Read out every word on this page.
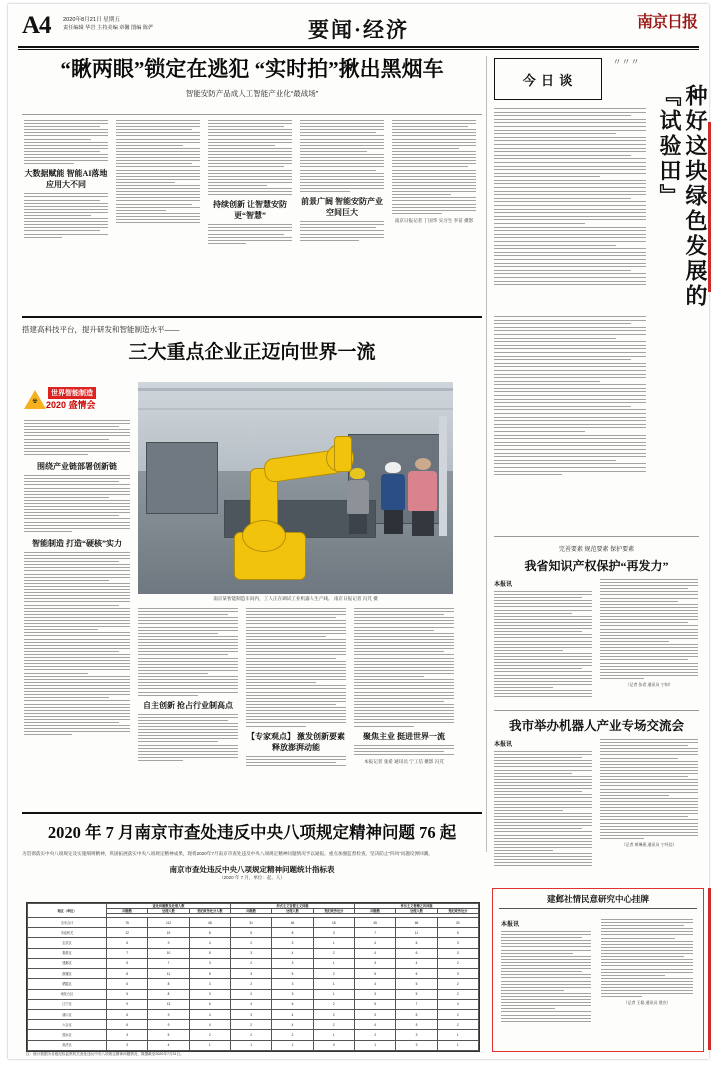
A4 2020年8月21日 星期五
责任编辑 华岩 主持美编 章馨 图编 陈俨	要闻·经济	南京日报
“瞅两眼”锁定在逃犯 “实时拍”揪出黑烟车
智能安防产品成人工智能产业化“最战场”
大数据赋能 智能AI落地应用大不同
持续创新 让智慧安防更“智慧”
前景广阔 智能安防产业空间巨大
南京日报记者 丁国华 实习生 李苗 摄影
搭建高科技平台，提升研发和智能制造水平——
三大重点企业正迈向世界一流
☢
世界智能制造
2020 盛情会
围绕产业链部署创新链
智能制造 打造“硬核”实力
南京某智能制造车间内，工人正在调试工业机器人生产线。 南京日报记者 冯芃 摄
自主创新 抢占行业制高点
【专家观点】 激发创新要素 释放澎湃动能
聚焦主业 挺进世界一流
本报记者 张希 通讯员 宁工信 摄影 冯芃
2020 年 7 月南京市查处违反中央八项规定精神问题 76 起
为贯彻落实中央八项规定及实施细则精神，巩固拓展落实中央八项规定精神成果，现将2020年7月南京市查处违反中央八项规定精神问题情况予以通报。重点加强监督检查，坚决防止“四风”问题反弹回潮。
南京市查处违反中央八项规定精神问题统计指标表
（2020 年 7 月，单位：起、人）
地区（单位）	查处问题数及处理人数			形式主义官僚主义问题			享乐主义奢靡之风问题		
	问题数	处理人数	党纪政务处分人数	问题数	处理人数	党纪政务处分	问题数	处理人数	党纪政务处分

全市合计	76	112	48	31	46	18	45	66	30
市直机关	12	19	8	5	8	3	7	11	5
玄武区	6	9	4	2	3	1	4	6	3
秦淮区	7	10	5	3	4	2	4	6	3
建邺区	5	7	3	2	3	1	3	4	2
鼓楼区	8	11	5	3	5	2	5	6	3
栖霞区	6	8	3	2	3	1	4	5	2
雨花台区	5	8	3	2	3	1	3	5	2
江宁区	9	13	6	4	6	2	5	7	4
浦口区	6	9	4	3	4	2	3	5	2
六合区	6	9	4	2	4	2	4	5	2
溧水区	3	5	2	2	2	1	2	3	1
高淳区	3	4	1	1	1	0	1	3	1
注：统计数据为各级纪检监察机关查处违反中央八项规定精神问题情况，数据截至2020年7月31日。
今 日 谈
〃〃〃
种好这块绿色发展的『试验田』
完善要素 规范要素 保护要素
我省知识产权保护“再发力”
本报讯
（记者 张希 通讯员 宁知）
我市举办机器人产业专场交流会
本报讯
（记者 黄琳燕 通讯员 宁经信）
建邺社情民意研究中心挂牌
本报讯
（记者 王聪 通讯员 建宣）
